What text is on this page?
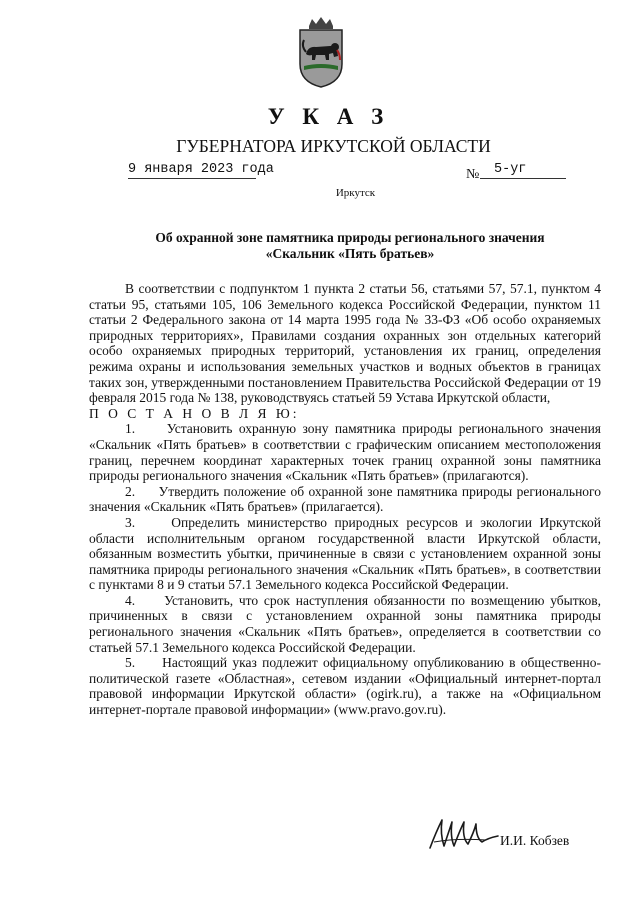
У К А З
ГУБЕРНАТОРА ИРКУТСКОЙ ОБЛАСТИ
9 января 2023 года	№	5-уг
Иркутск
Об охранной зоне памятника природы регионального значения
«Скальник «Пять братьев»

В соответствии с подпунктом 1 пункта 2 статьи 56, статьями 57, 57.1, пунктом 4 статьи 95, статьями 105, 106 Земельного кодекса Российской Федерации, пунктом 11 статьи 2 Федерального закона от 14 марта 1995 года № 33-ФЗ «Об особо охраняемых природных территориях», Правилами создания охранных зон отдельных категорий особо охраняемых природных территорий, установления их границ, определения режима охраны и использования земельных участков и водных объектов в границах таких зон, утвержденными постановлением Правительства Российской Федерации от 19 февраля 2015 года № 138, руководствуясь статьей 59 Устава Иркутской области,

П О С Т А Н О В Л Я Ю:

1. Установить охранную зону памятника природы регионального значения «Скальник «Пять братьев» в соответствии с графическим описанием местоположения границ, перечнем координат характерных точек границ охранной зоны памятника природы регионального значения «Скальник «Пять братьев» (прилагаются).

2. Утвердить положение об охранной зоне памятника природы регионального значения «Скальник «Пять братьев» (прилагается).

3.	Определить министерство природных ресурсов и экологии Иркутской области исполнительным органом государственной власти Иркутской области, обязанным возместить убытки, причиненные в связи с установлением охранной зоны памятника природы регионального значения «Скальник «Пять братьев», в соответствии с пунктами 8 и 9 статьи 57.1 Земельного кодекса Российской Федерации.

4. Установить, что срок наступления обязанности по возмещению убытков, причиненных в связи с установлением охранной зоны памятника природы регионального значения «Скальник «Пять братьев», определяется в соответствии со статьей 57.1 Земельного кодекса Российской Федерации.

5. Настоящий указ подлежит официальному опубликованию в общественно-политической газете «Областная», сетевом издании «Официальный интернет-портал правовой информации Иркутской области» (ogirk.ru), а также на «Официальном интернет-портале правовой информации» (www.pravo.gov.ru).

И.И. Кобзев
